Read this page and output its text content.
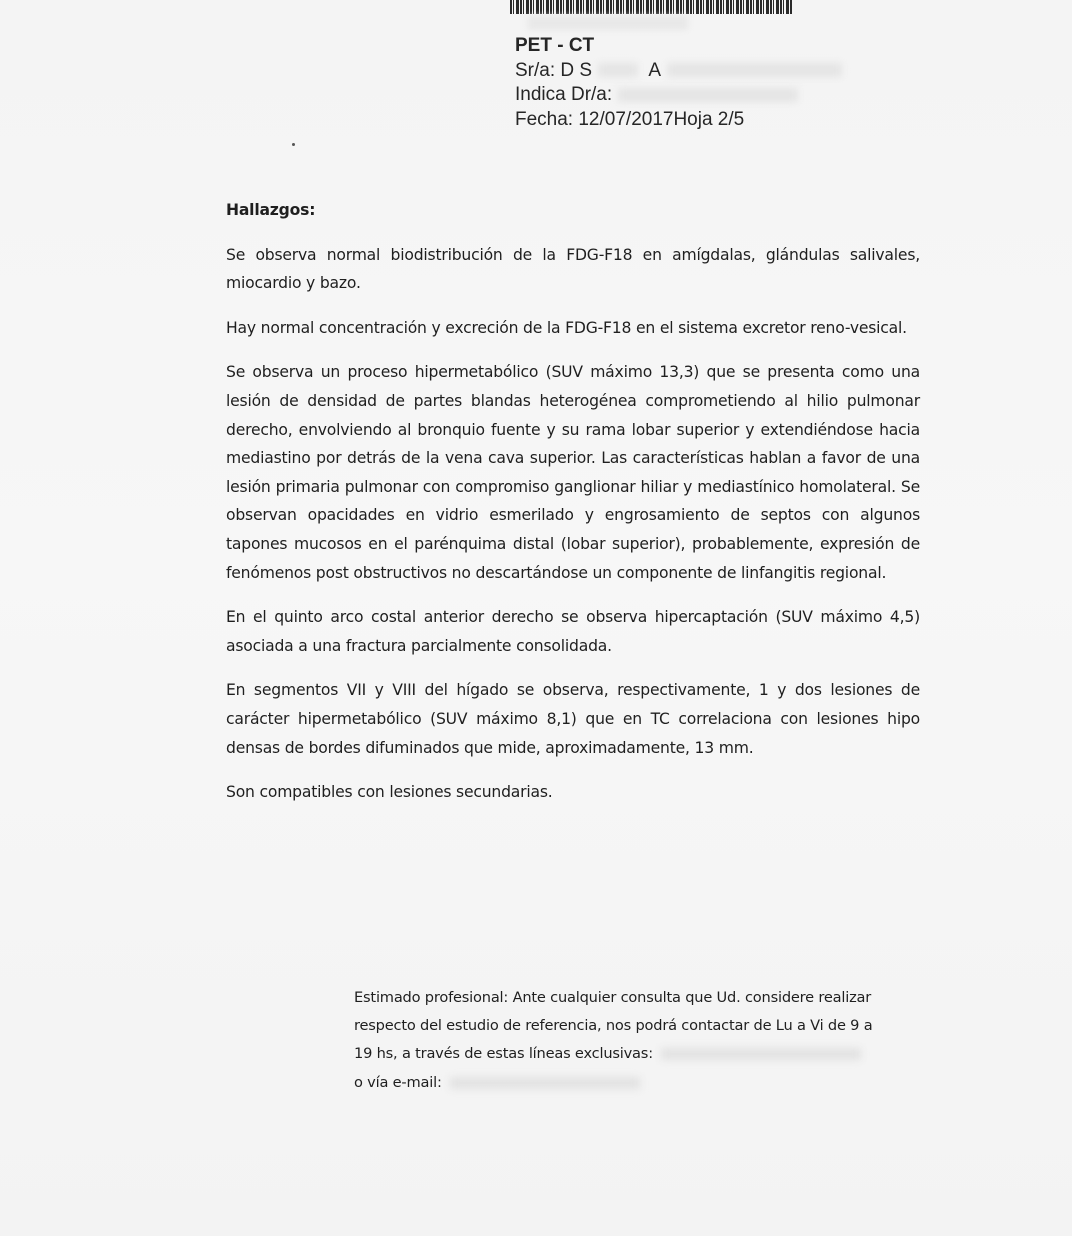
PET - CT
Sr/a: D S	A
Indica Dr/a:
Fecha: 12/07/2017Hoja 2/5

Hallazgos:

Se observa normal biodistribución de la FDG-F18 en amígdalas, glándulas salivales, miocardio y bazo.

Hay normal concentración y excreción de la FDG-F18 en el sistema excretor reno-vesical.

Se observa un proceso hipermetabólico (SUV máximo 13,3) que se presenta como una lesión de densidad de partes blandas heterogénea comprometiendo al hilio pulmonar derecho, envolviendo al bronquio fuente y su rama lobar superior y extendiéndose hacia mediastino por detrás de la vena cava superior. Las características hablan a favor de una lesión primaria pulmonar con compromiso ganglionar hiliar y mediastínico homolateral. Se observan opacidades en vidrio esmerilado y engrosamiento de septos con algunos tapones mucosos en el parénquima distal (lobar superior), probablemente, expresión de fenómenos post obstructivos no descartándose un componente de linfangitis regional.

En el quinto arco costal anterior derecho se observa hipercaptación (SUV máximo 4,5) asociada a una fractura parcialmente consolidada.

En segmentos VII y VIII del hígado se observa, respectivamente, 1 y dos lesiones de carácter hipermetabólico (SUV máximo 8,1) que en TC correlaciona con lesiones hipo densas de bordes difuminados que mide, aproximadamente, 13 mm.

Son compatibles con lesiones secundarias.

Estimado profesional: Ante cualquier consulta que Ud. considere realizar

respecto del estudio de referencia, nos podrá contactar de Lu a Vi de 9 a

19 hs, a través de estas líneas exclusivas:

o vía e-mail:
